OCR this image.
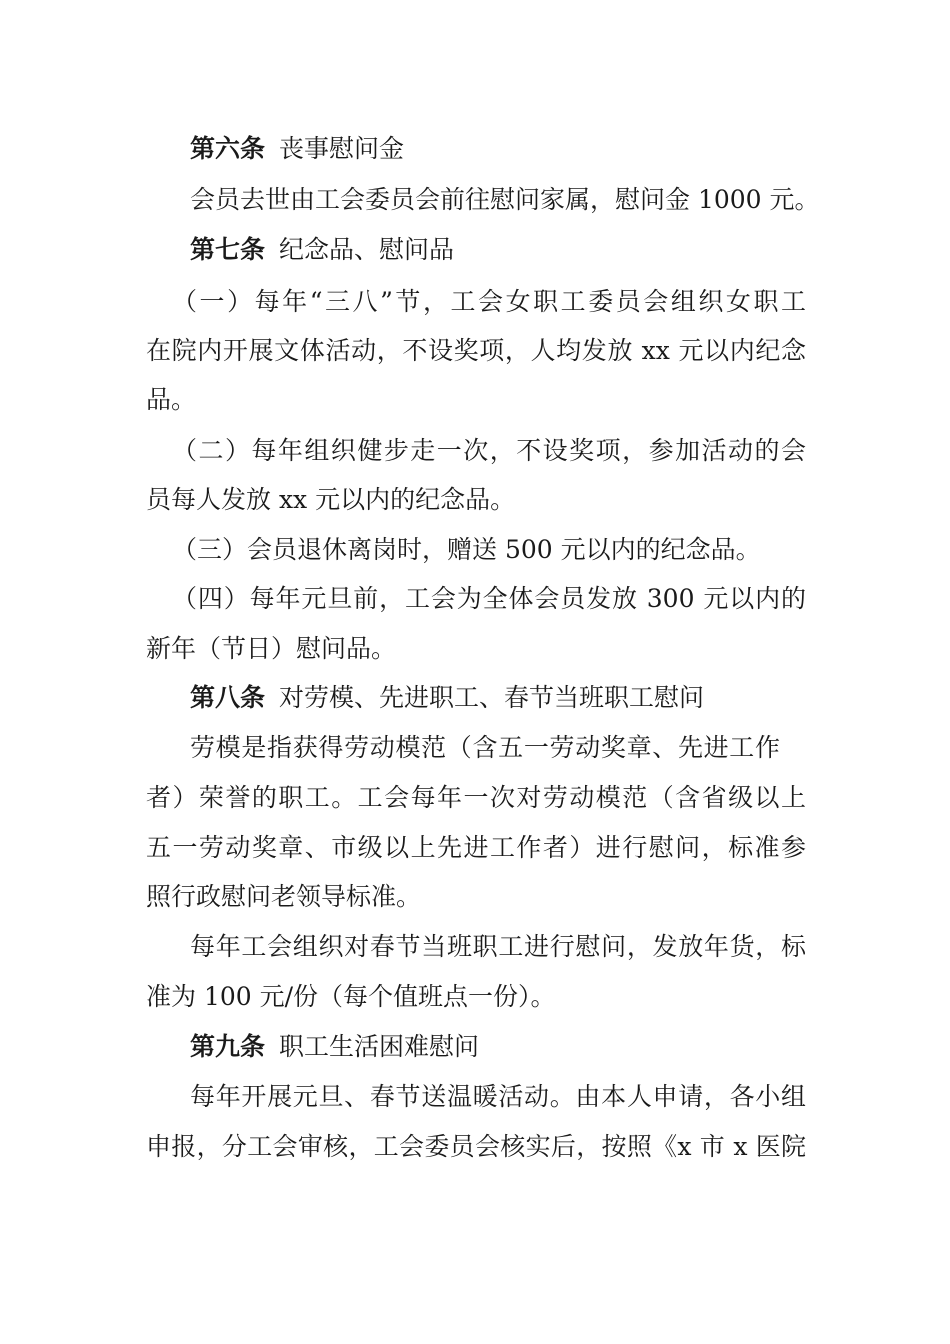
第六条 丧事慰问金
会员去世由工会委员会前往慰问家属，慰问金 1000 元。
第七条 纪念品、慰问品
（一）每年“三八”节，工会女职工委员会组织女职工
在院内开展文体活动，不设奖项，人均发放 xx 元以内纪念
品。
（二）每年组织健步走一次，不设奖项，参加活动的会
员每人发放 xx 元以内的纪念品。
（三）会员退休离岗时，赠送 500 元以内的纪念品。
（四）每年元旦前，工会为全体会员发放 300 元以内的
新年（节日）慰问品。
第八条 对劳模、先进职工、春节当班职工慰问
劳模是指获得劳动模范（含五一劳动奖章、先进工作
者）荣誉的职工。工会每年一次对劳动模范（含省级以上
五一劳动奖章、市级以上先进工作者）进行慰问，标准参
照行政慰问老领导标准。
每年工会组织对春节当班职工进行慰问，发放年货，标
准为 100 元/份（每个值班点一份）。
第九条 职工生活困难慰问
每年开展元旦、春节送温暖活动。由本人申请，各小组
申报，分工会审核，工会委员会核实后，按照《x 市 x 医院
